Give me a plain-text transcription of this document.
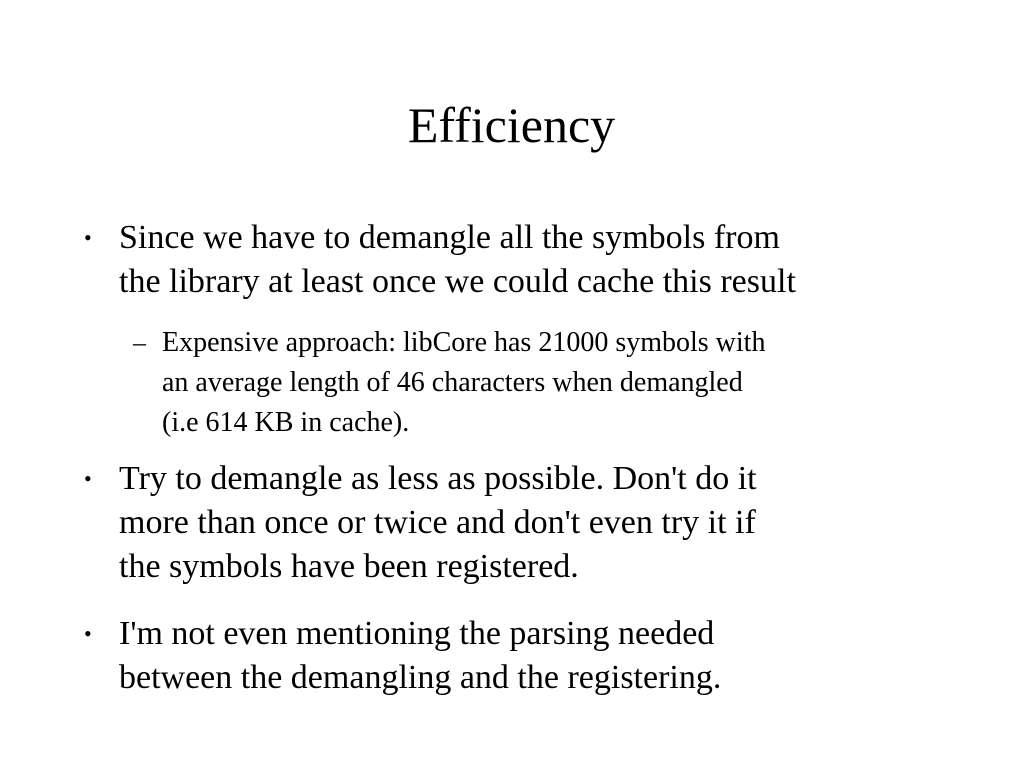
Efficiency
• Since we have to demangle all the symbols from
the library at least once we could cache this result
– Expensive approach: libCore has 21000 symbols with
an average length of 46 characters when demangled
(i.e 614 KB in cache).
• Try to demangle as less as possible. Don't do it
more than once or twice and don't even try it if
the symbols have been registered.
• I'm not even mentioning the parsing needed
between the demangling and the registering.
